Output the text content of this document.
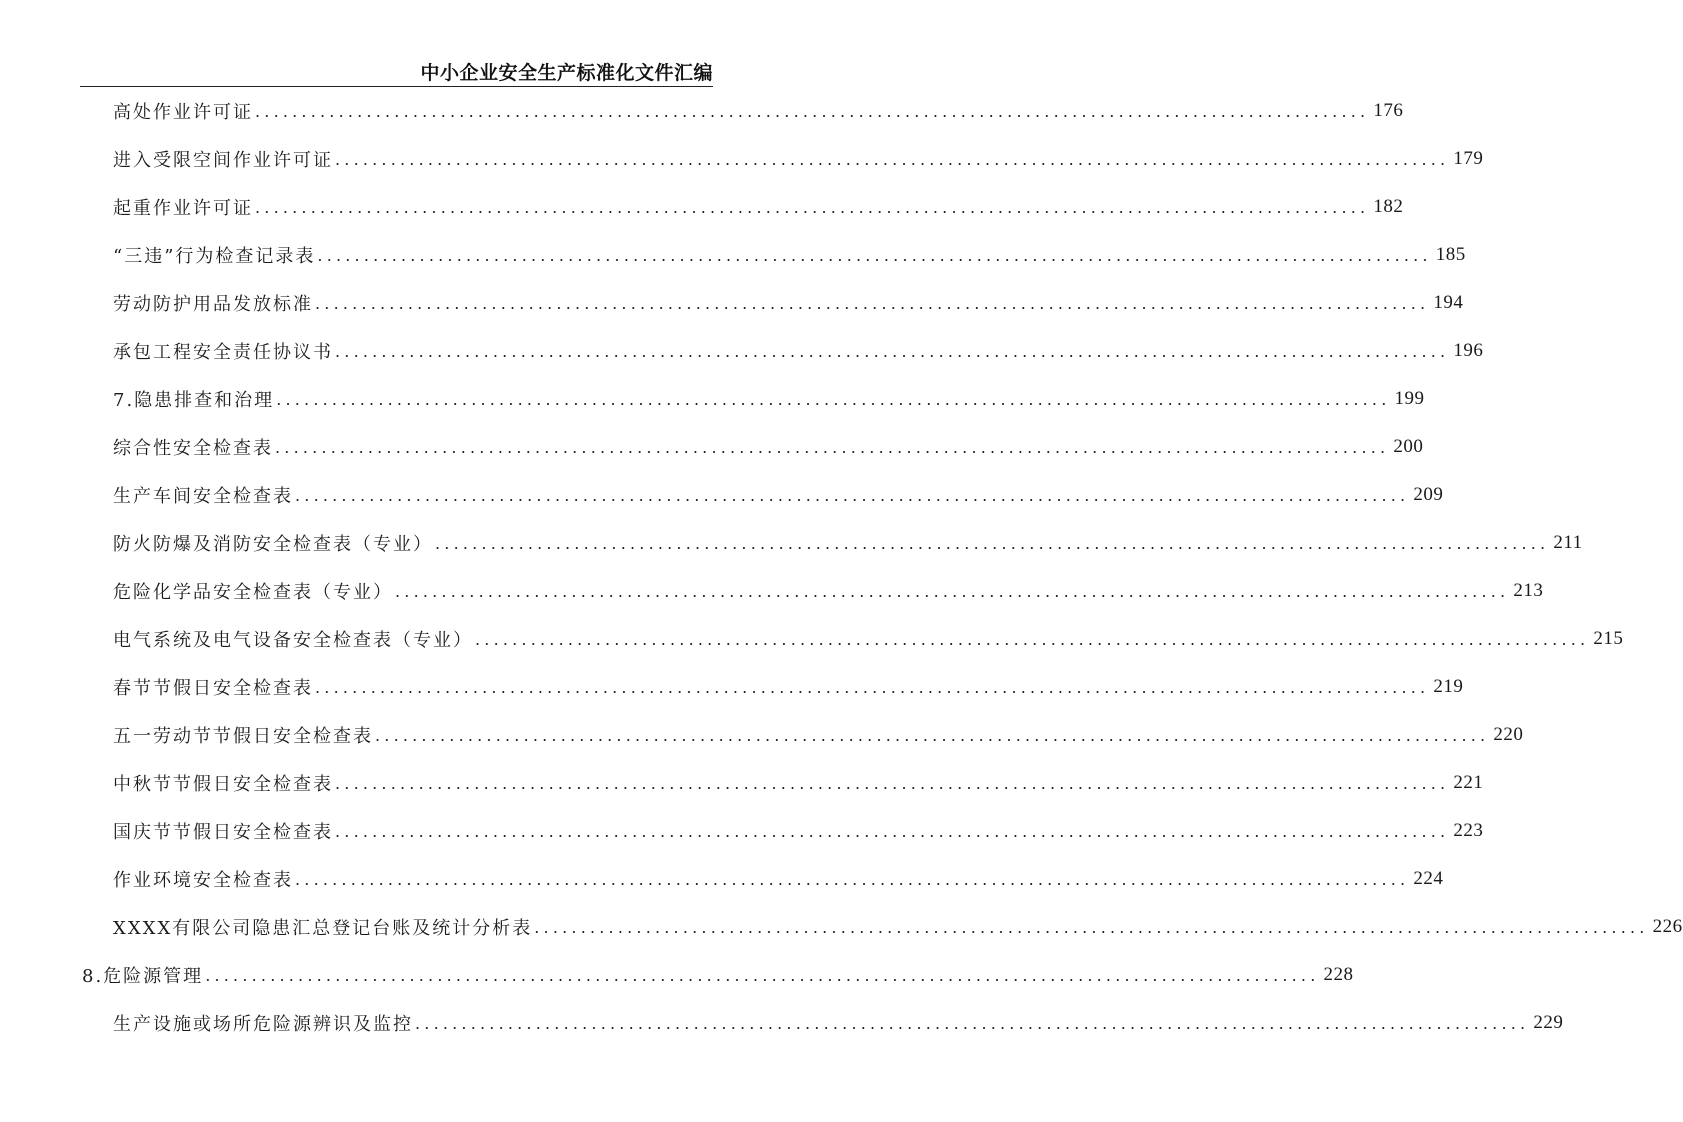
中小企业安全生产标准化文件汇编
高处作业许可证 ........................................................................................................................ 176
进入受限空间作业许可证 ........................................................................................................................ 179
起重作业许可证 ........................................................................................................................ 182
“三违”行为检查记录表 ........................................................................................................................ 185
劳动防护用品发放标准 ........................................................................................................................ 194
承包工程安全责任协议书 ........................................................................................................................ 196
7.隐患排查和治理 ........................................................................................................................ 199
综合性安全检查表 ........................................................................................................................ 200
生产车间安全检查表 ........................................................................................................................ 209
防火防爆及消防安全检查表（专业） ........................................................................................................................ 211
危险化学品安全检查表（专业） ........................................................................................................................ 213
电气系统及电气设备安全检查表（专业） ........................................................................................................................ 215
春节节假日安全检查表 ........................................................................................................................ 219
五一劳动节节假日安全检查表 ........................................................................................................................ 220
中秋节节假日安全检查表 ........................................................................................................................ 221
国庆节节假日安全检查表 ........................................................................................................................ 223
作业环境安全检查表 ........................................................................................................................ 224
XXXX有限公司隐患汇总登记台账及统计分析表 ........................................................................................................................ 226
8.危险源管理 ........................................................................................................................ 228
生产设施或场所危险源辨识及监控 ........................................................................................................................ 229
